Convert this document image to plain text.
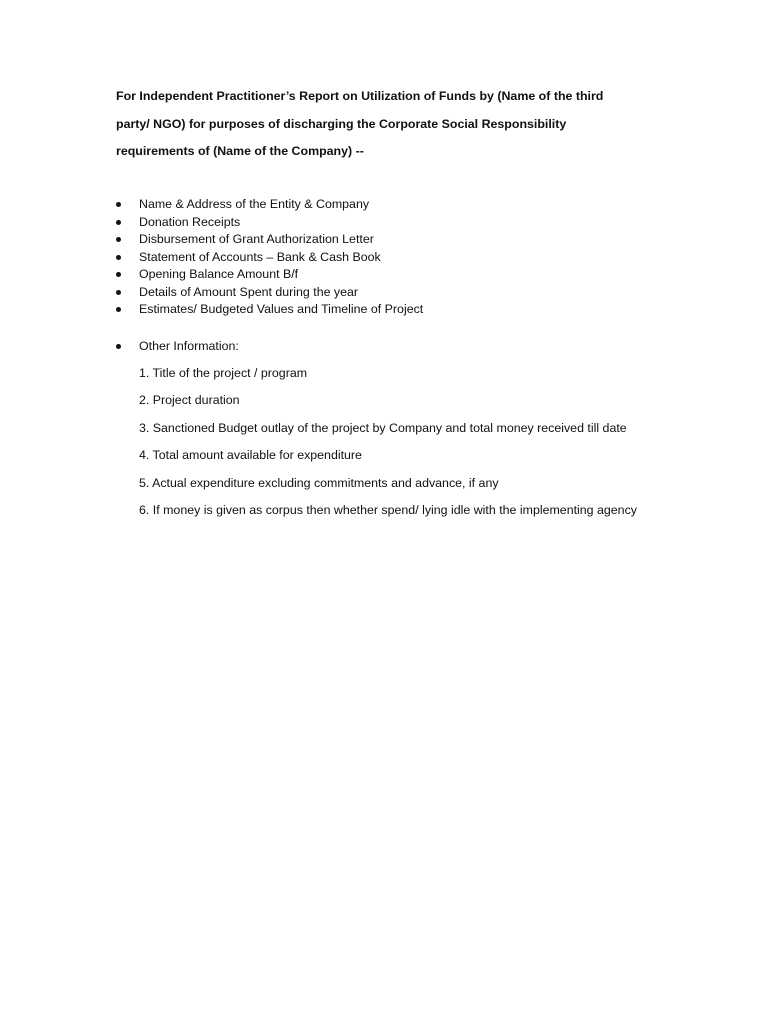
For Independent Practitioner’s Report on Utilization of Funds by (Name of the third
party/ NGO) for purposes of discharging the Corporate Social Responsibility
requirements of (Name of the Company) --
Name & Address of the Entity & Company
Donation Receipts
Disbursement of Grant Authorization Letter
Statement of Accounts – Bank & Cash Book
Opening Balance Amount B/f
Details of Amount Spent during the year
Estimates/ Budgeted Values and Timeline of Project
Other Information:
1. Title of the project / program
2. Project duration
3. Sanctioned Budget outlay of the project by Company and total money received till date
4. Total amount available for expenditure
5. Actual expenditure excluding commitments and advance, if any
6. If money is given as corpus then whether spend/ lying idle with the implementing agency
